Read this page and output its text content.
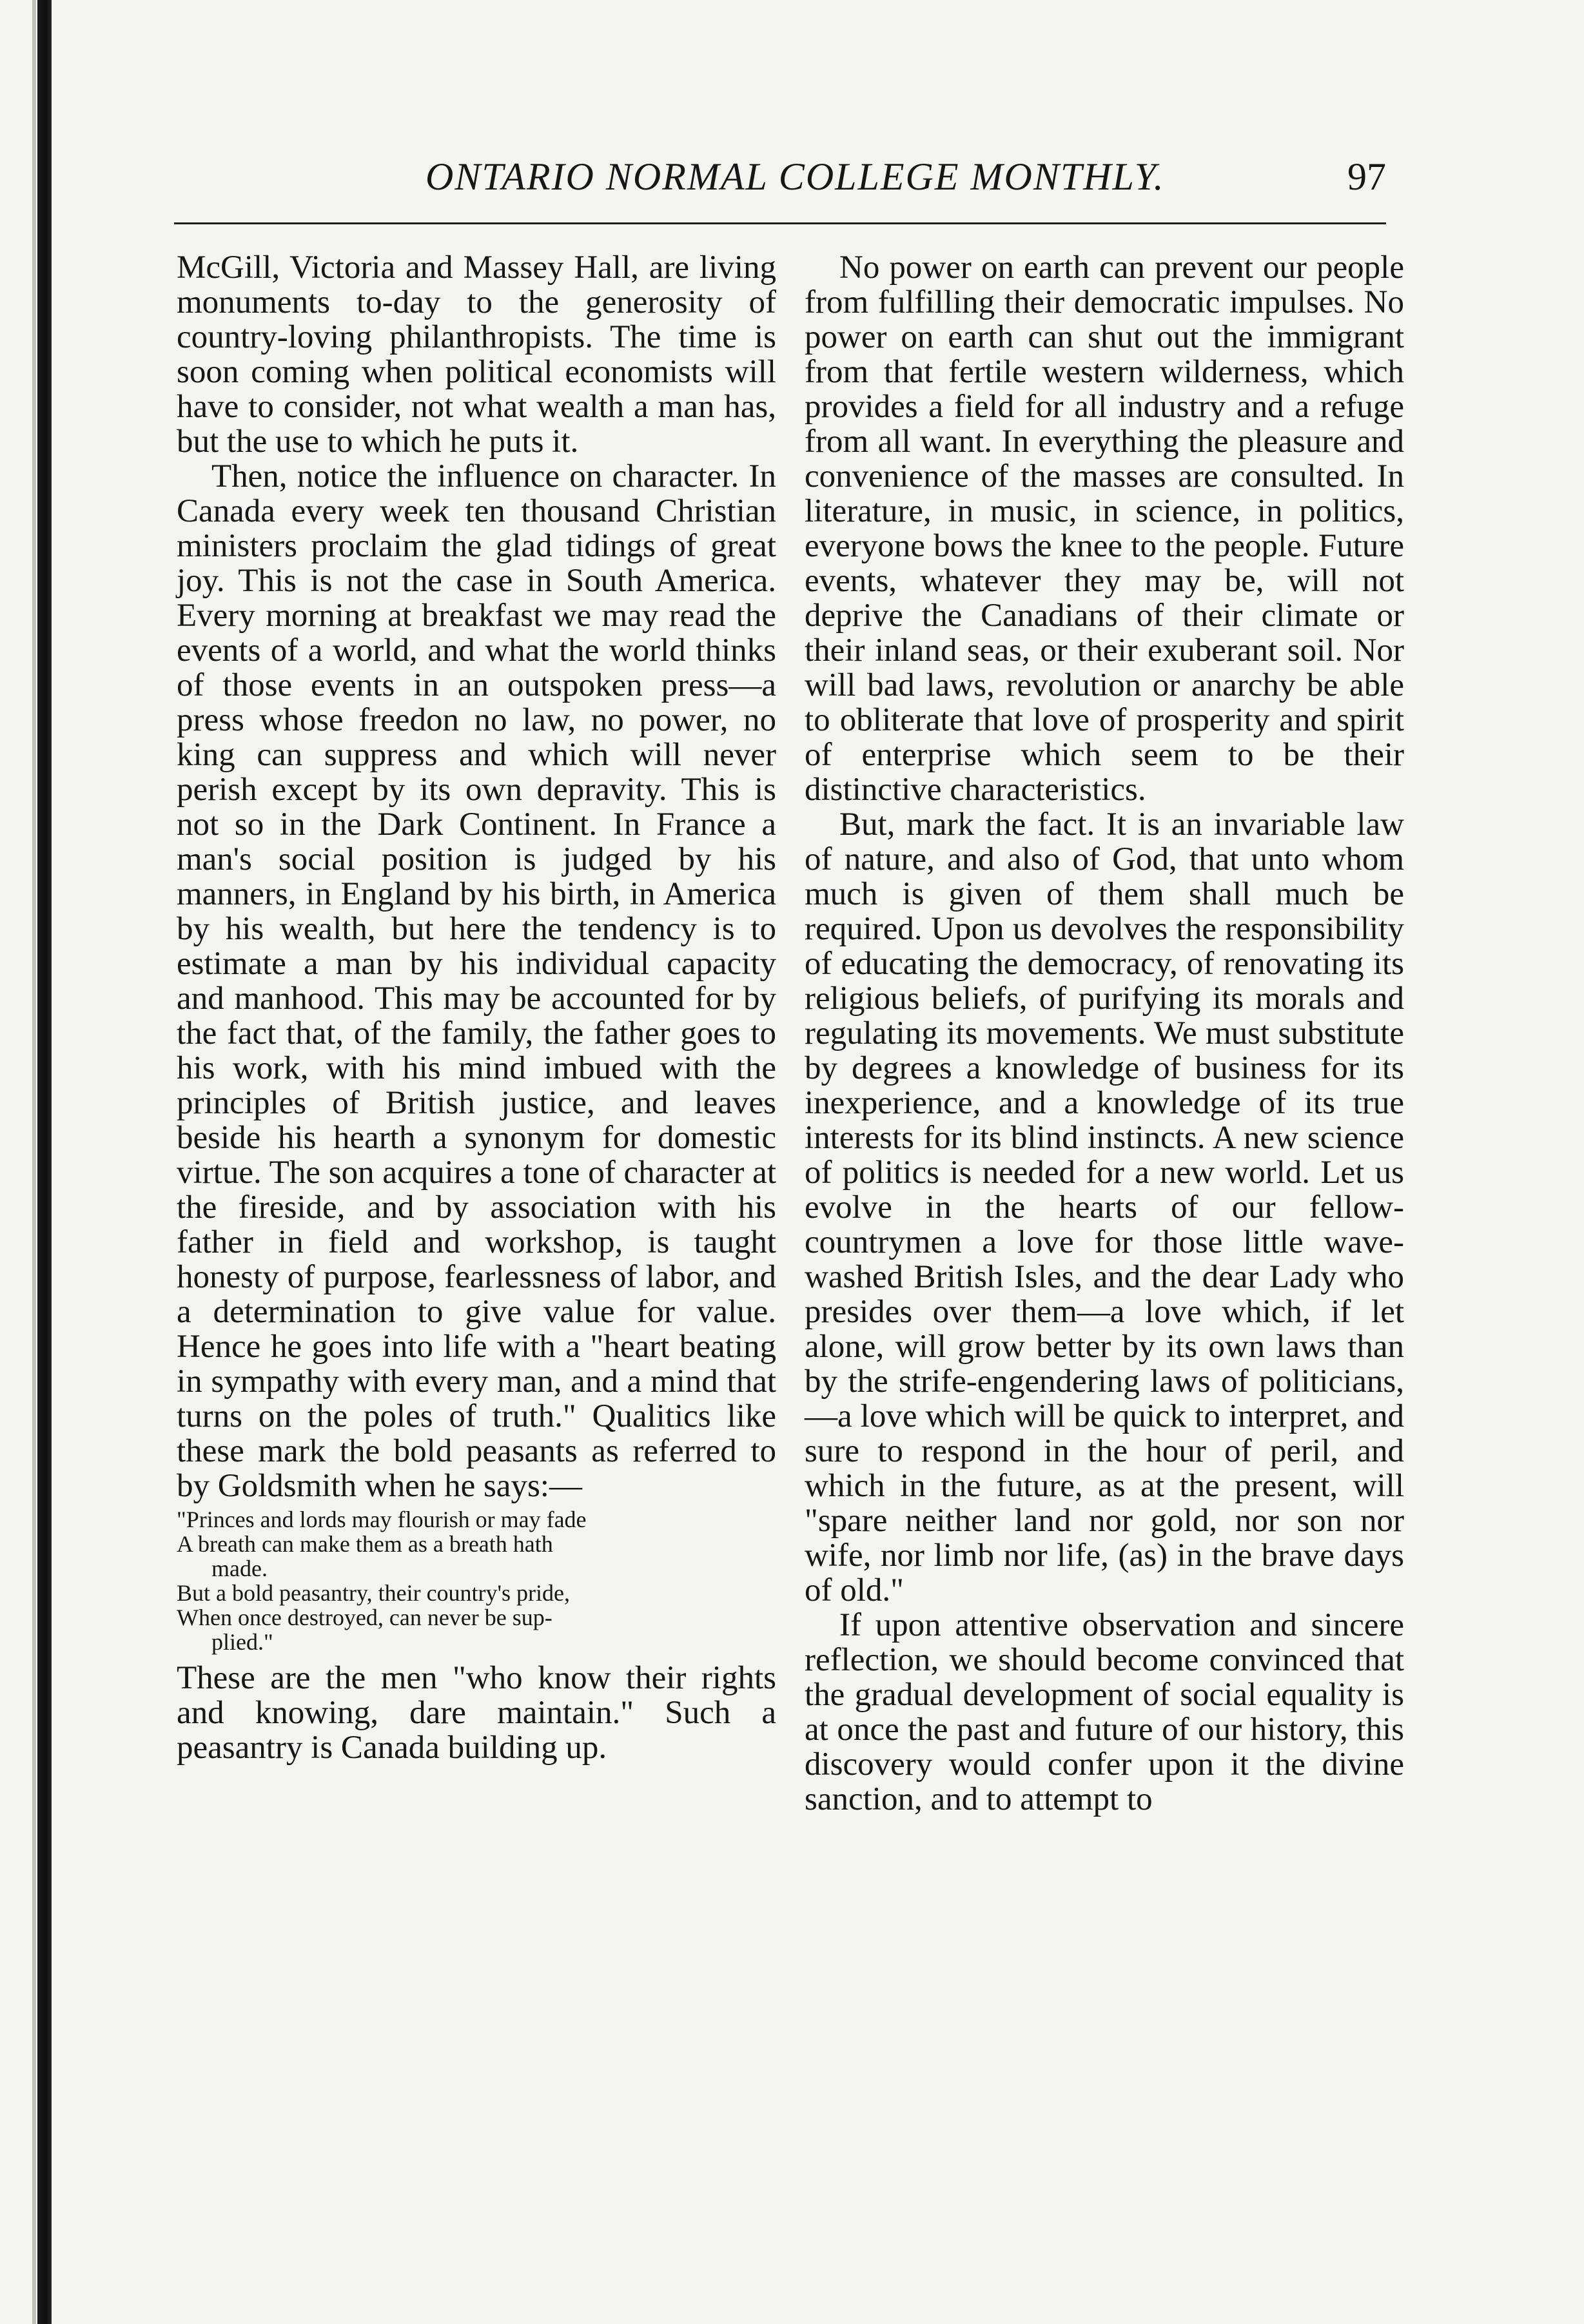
ONTARIO NORMAL COLLEGE MONTHLY.	97

McGill, Victoria and Massey Hall, are living monuments to-day to the generosity of country-loving philanthropists. The time is soon coming when political economists will have to consider, not what wealth a man has, but the use to which he puts it.

Then, notice the influence on character. In Canada every week ten thousand Christian ministers proclaim the glad tidings of great joy. This is not the case in South America. Every morning at breakfast we may read the events of a world, and what the world thinks of those events in an outspoken press—a press whose freedon no law, no power, no king can suppress and which will never perish except by its own depravity. This is not so in the Dark Continent. In France a man's social position is judged by his manners, in England by his birth, in America by his wealth, but here the tendency is to estimate a man by his individual capacity and manhood. This may be accounted for by the fact that, of the family, the father goes to his work, with his mind imbued with the principles of British justice, and leaves beside his hearth a synonym for domestic virtue. The son acquires a tone of character at the fireside, and by association with his father in field and workshop, is taught honesty of purpose, fearlessness of labor, and a determination to give value for value. Hence he goes into life with a "heart beating in sympathy with every man, and a mind that turns on the poles of truth." Qualitics like these mark the bold peasants as referred to by Goldsmith when he says:—

"Princes and lords may flourish or may fade

A breath can make them as a breath hath

made.

But a bold peasantry, their country's pride,

When once destroyed, can never be sup-

plied."

These are the men "who know their rights and knowing, dare maintain." Such a peasantry is Canada building up.

No power on earth can prevent our people from fulfilling their democratic impulses. No power on earth can shut out the immigrant from that fertile western wilderness, which provides a field for all industry and a refuge from all want. In everything the pleasure and convenience of the masses are consulted. In literature, in music, in science, in politics, everyone bows the knee to the people. Future events, whatever they may be, will not deprive the Canadians of their climate or their inland seas, or their exuberant soil. Nor will bad laws, revolution or anarchy be able to obliterate that love of prosperity and spirit of enterprise which seem to be their distinctive characteristics.

But, mark the fact. It is an invariable law of nature, and also of God, that unto whom much is given of them shall much be required. Upon us devolves the responsibility of educating the democracy, of renovating its religious beliefs, of purifying its morals and regulating its movements. We must substitute by degrees a knowledge of business for its inexperience, and a knowledge of its true interests for its blind instincts. A new science of politics is needed for a new world. Let us evolve in the hearts of our fellow-countrymen a love for those little wave-washed British Isles, and the dear Lady who presides over them—a love which, if let alone, will grow better by its own laws than by the strife-engendering laws of politicians,—a love which will be quick to interpret, and sure to respond in the hour of peril, and which in the future, as at the present, will "spare neither land nor gold, nor son nor wife, nor limb nor life, (as) in the brave days of old."

If upon attentive observation and sincere reflection, we should become convinced that the gradual development of social equality is at once the past and future of our history, this discovery would confer upon it the divine sanction, and to attempt to
